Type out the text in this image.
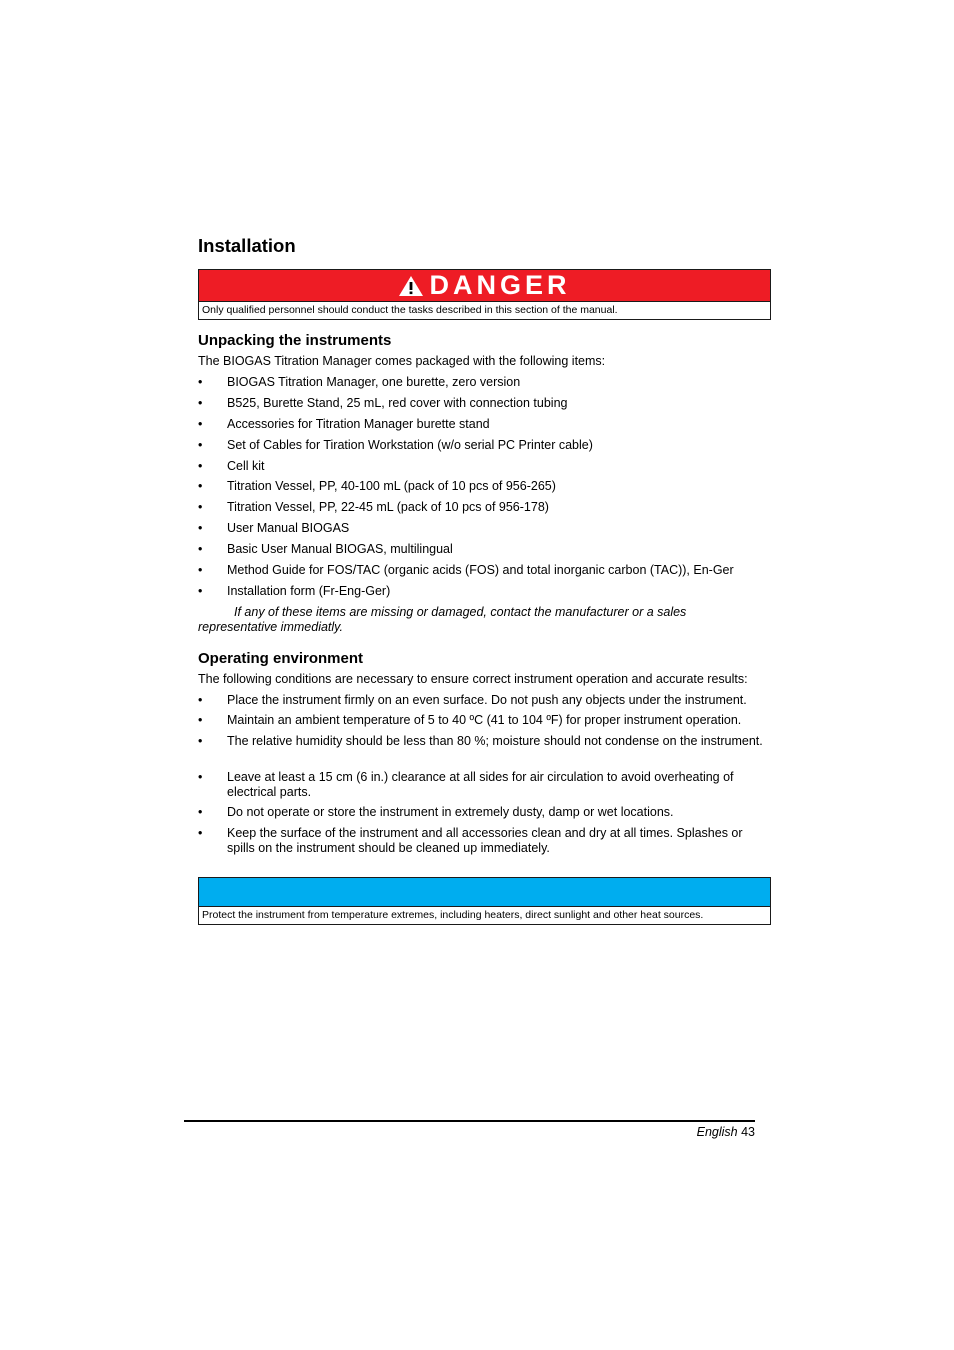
Installation
DANGER
Only qualified personnel should conduct the tasks described in this section of the manual.
Unpacking the instruments

The BIOGAS Titration Manager comes packaged with the following items:

• BIOGAS Titration Manager, one burette, zero version
• B525, Burette Stand, 25 mL, red cover with connection tubing
• Accessories for Titration Manager burette stand
• Set of Cables for Tiration Workstation (w/o serial PC Printer cable)
• Cell kit
• Titration Vessel, PP, 40-100 mL (pack of 10 pcs of 956-265)
• Titration Vessel, PP, 22-45 mL (pack of 10 pcs of 956-178)
• User Manual BIOGAS
• Basic User Manual BIOGAS, multilingual
• Method Guide for FOS/TAC (organic acids (FOS) and total inorganic carbon (TAC)), En-Ger
• Installation form (Fr-Eng-Ger)

If any of these items are missing or damaged, contact the manufacturer or a sales representative immediatly.

Operating environment

The following conditions are necessary to ensure correct instrument operation and accurate results:

• Place the instrument firmly on an even surface. Do not push any objects under the instrument.
• Maintain an ambient temperature of 5 to 40 ºC (41 to 104 ºF) for proper instrument operation.
• The relative humidity should be less than 80 %; moisture should not condense on the instrument.
• Leave at least a 15 cm (6 in.) clearance at all sides for air circulation to avoid overheating of electrical parts.
• Do not operate or store the instrument in extremely dusty, damp or wet locations.
• Keep the surface of the instrument and all accessories clean and dry at all times. Splashes or spills on the instrument should be cleaned up immediately.
Protect the instrument from temperature extremes, including heaters, direct sunlight and other heat sources.
English 43
